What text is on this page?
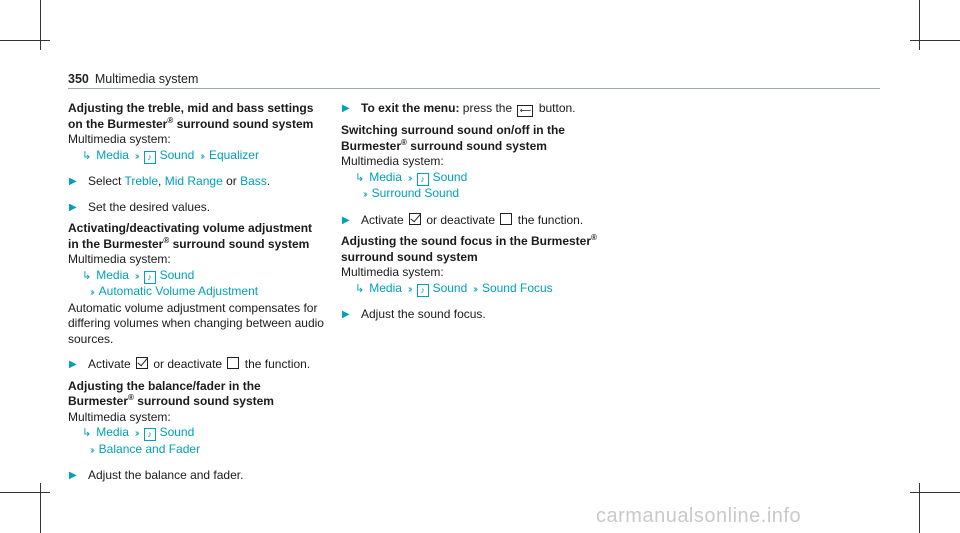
350 Multimedia system

Adjusting the treble, mid and bass settings
on the Burmester® surround sound system

Multimedia system:

↳ Media ›› ♪ Sound ›› Equalizer

▶ Select Treble, Mid Range or Bass.
▶ Set the desired values.

Activating/deactivating volume adjustment
in the Burmester® surround sound system

Multimedia system:

↳ Media ›› ♪ Sound

›› Automatic Volume Adjustment

Automatic volume adjustment compensates for differing volumes when changing between audio sources.

▶ Activate or deactivate the function.

Adjusting the balance/fader in the
Burmester® surround sound system

Multimedia system:

↳ Media ›› ♪ Sound

›› Balance and Fader

▶ Adjust the balance and fader.
▶ To exit the menu: press the ⟵ button.

Switching surround sound on/off in the
Burmester® surround sound system

Multimedia system:

↳ Media ›› ♪ Sound

›› Surround Sound

▶ Activate or deactivate the function.

Adjusting the sound focus in the Burmester®
surround sound system

Multimedia system:

↳ Media ›› ♪ Sound ›› Sound Focus

▶ Adjust the sound focus.
carmanualsonline.info
